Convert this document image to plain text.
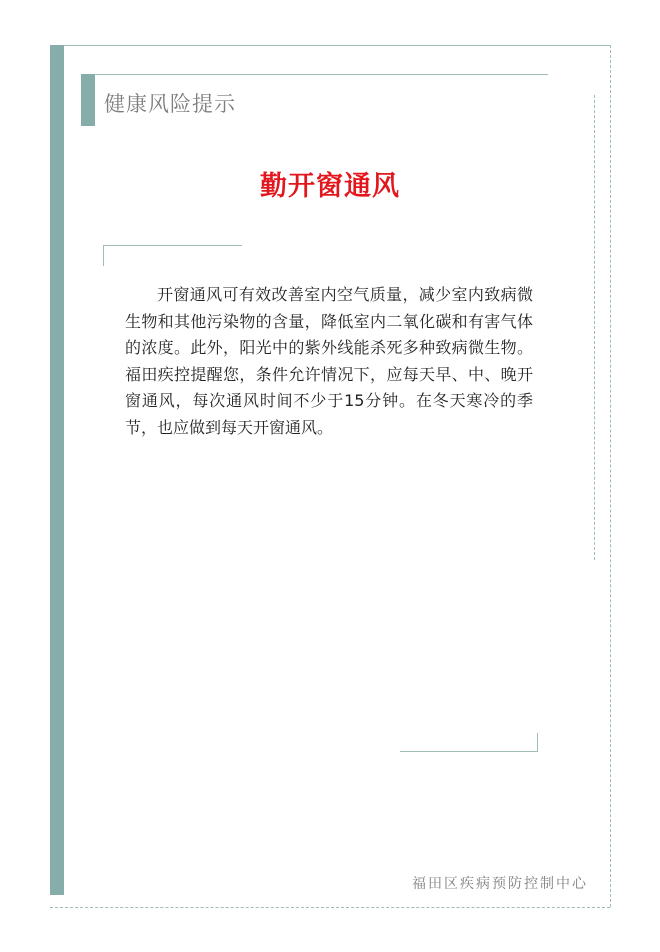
健康风险提示
勤开窗通风

开窗通风可有效改善室内空气质量，减少室内致病微生物和其他污染物的含量，降低室内二氧化碳和有害气体的浓度。此外，阳光中的紫外线能杀死多种致病微生物。福田疾控提醒您，条件允许情况下，应每天早、中、晚开窗通风，每次通风时间不少于15分钟。在冬天寒冷的季节，也应做到每天开窗通风。

福田区疾病预防控制中心
